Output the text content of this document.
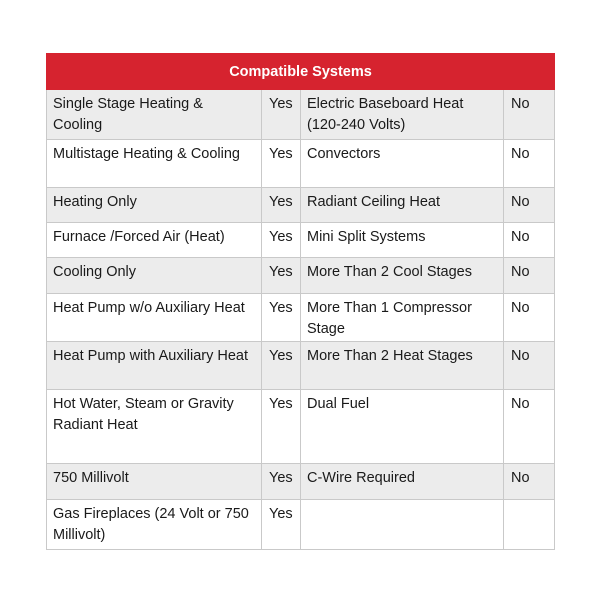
Compatible Systems			
Single Stage Heating & Cooling	Yes	Electric Baseboard Heat (120-240 Volts)	No
Multistage Heating & Cooling	Yes	Convectors	No
Heating Only	Yes	Radiant Ceiling Heat	No
Furnace /Forced Air (Heat)	Yes	Mini Split Systems	No
Cooling Only	Yes	More Than 2 Cool Stages	No
Heat Pump w/o Auxiliary Heat	Yes	More Than 1 Compressor Stage	No
Heat Pump with Auxiliary Heat	Yes	More Than 2 Heat Stages	No
Hot Water, Steam or Gravity Radiant Heat	Yes	Dual Fuel	No
750 Millivolt	Yes	C-Wire Required	No
Gas Fireplaces (24 Volt or 750 Millivolt)	Yes		
